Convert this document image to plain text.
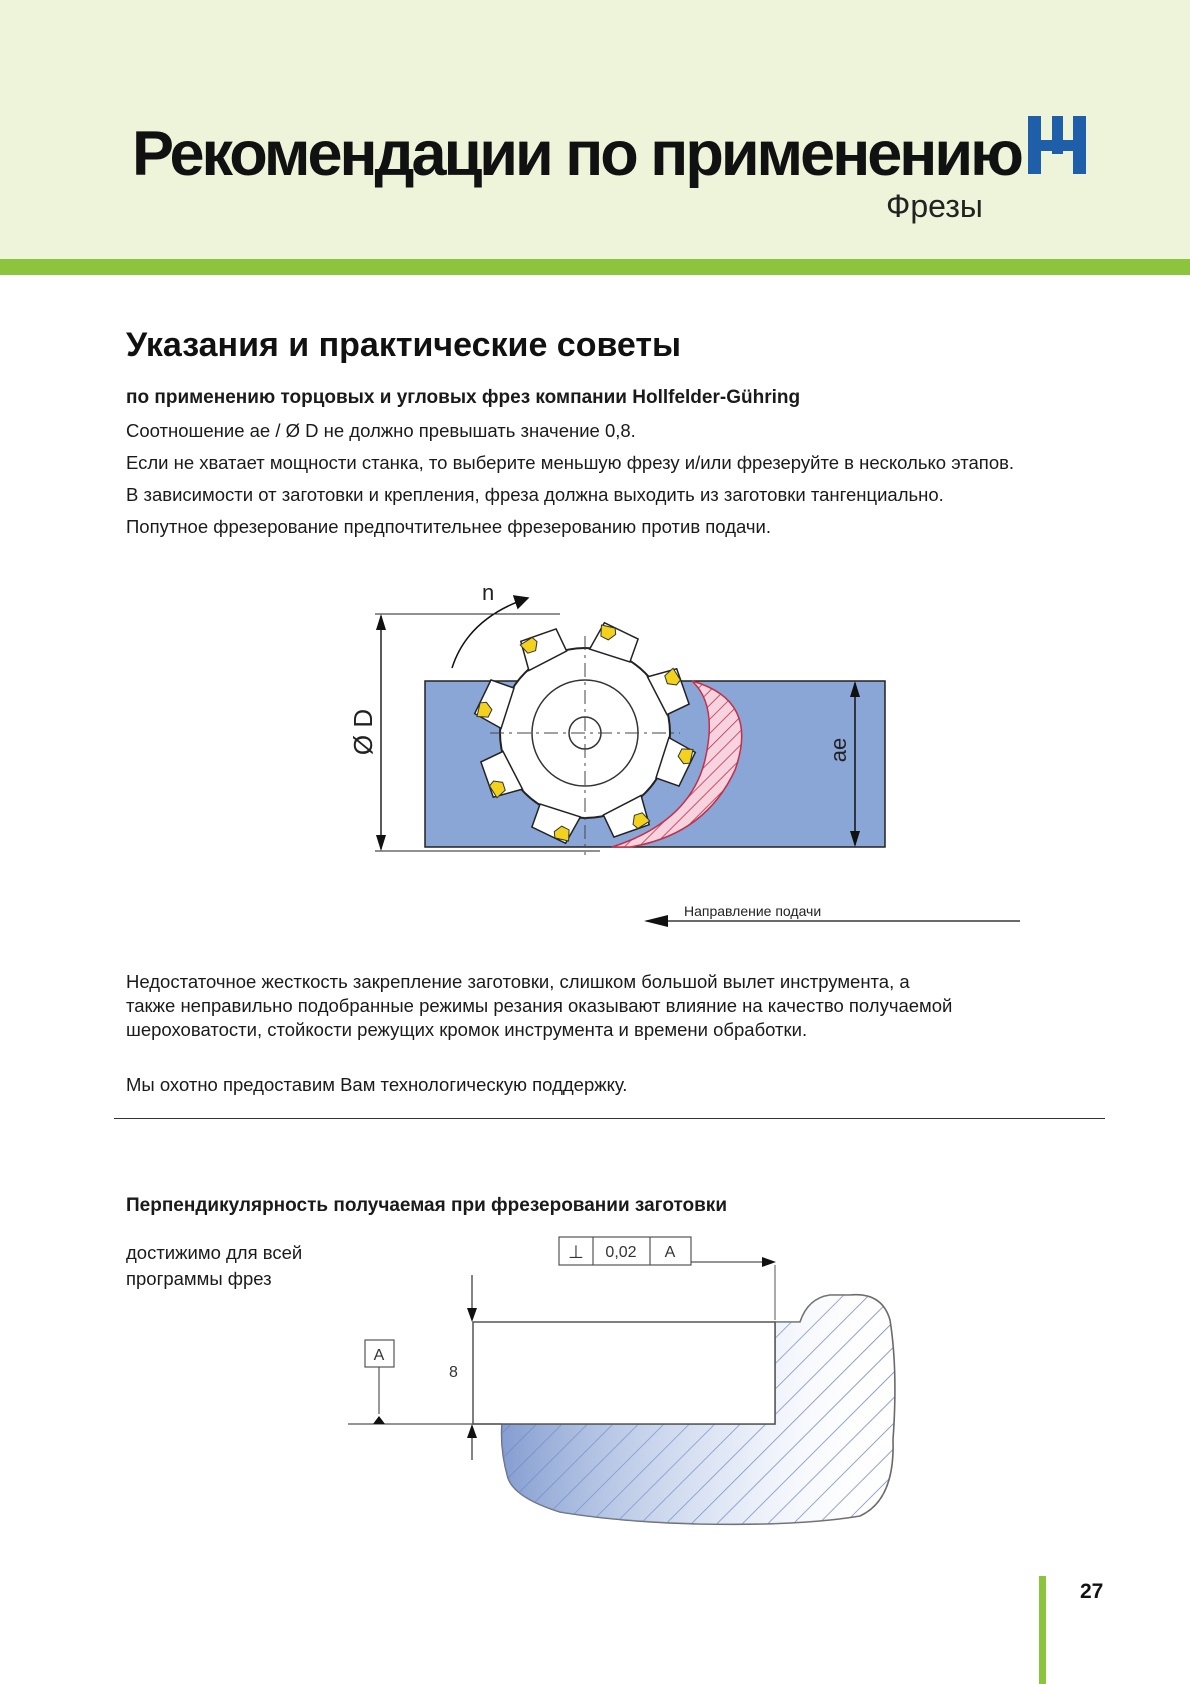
Рекомендации по применению
Фрезы
Указания и практические советы

по применению торцовых и угловых фрез компании Hollfelder-Gühring

Соотношение ae / Ø D не должно превышать значение 0,8.

Если не хватает мощности станка, то выберите меньшую фрезу и/или фрезеруйте в несколько этапов.

В зависимости от заготовки и крепления, фреза должна выходить из заготовки тангенциально.

Попутное фрезерование предпочтительнее фрезерованию против подачи.

n
Ø D	ae
Направление подачи

Недостаточное жесткость закрепление заготовки, слишком большой вылет инструмента, а
также неправильно подобранные режимы резания оказывают влияние на качество получаемой
шероховатости, стойкости режущих кромок инструмента и времени обработки.

Мы охотно предоставим Вам технологическую поддержку.

Перпендикулярность получаемая при фрезеровании заготовки

достижимо для всей
программы фрез

8
⊥ 0,02 A
A
27
